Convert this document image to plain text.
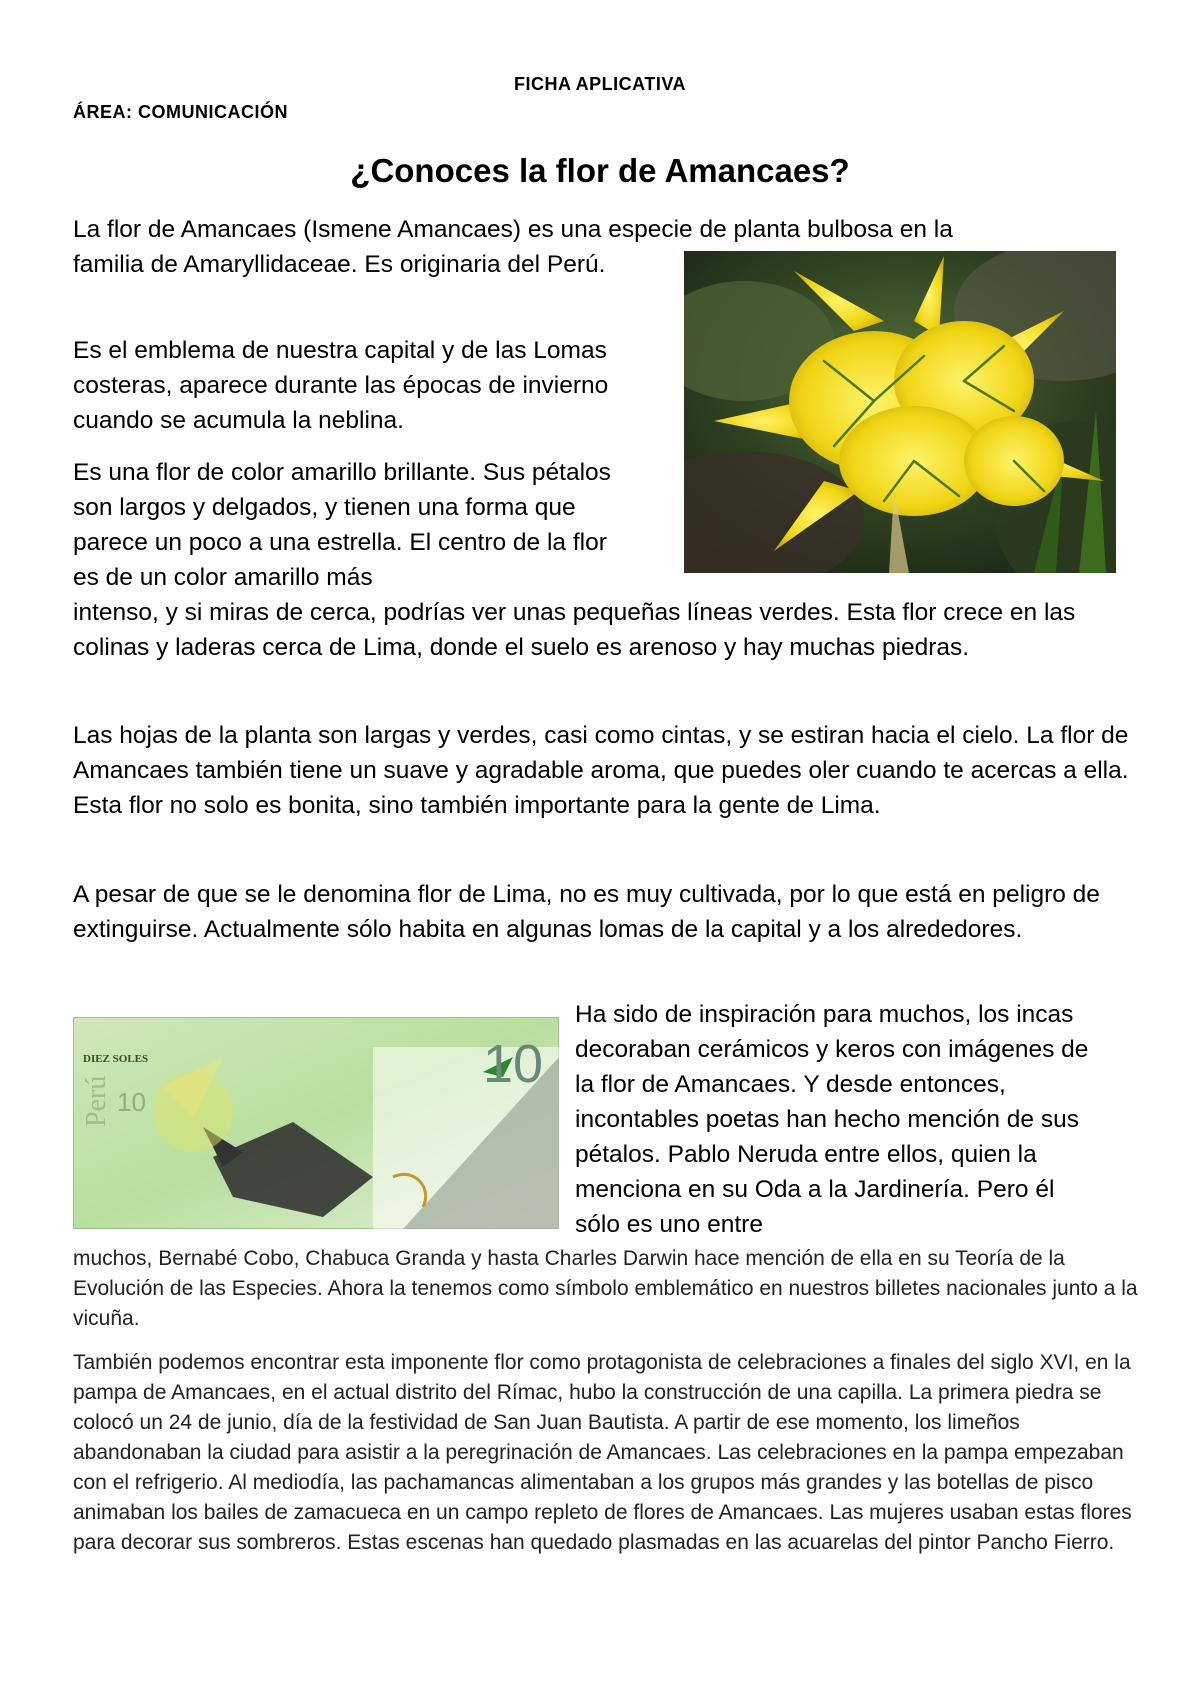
FICHA APLICATIVA
ÁREA: COMUNICACIÓN
¿Conoces la flor de Amancaes?
La flor de Amancaes (Ismene Amancaes) es una especie de planta bulbosa en la
familia de Amaryllidaceae. Es originaria del Perú.
Es el emblema de nuestra capital y de las Lomas costeras, aparece durante las épocas de invierno cuando se acumula la neblina.
Es una flor de color amarillo brillante. Sus pétalos son largos y delgados, y tienen una forma que parece un poco a una estrella. El centro de la flor es de un color amarillo más
intenso, y si miras de cerca, podrías ver unas pequeñas líneas verdes. Esta flor crece en las colinas y laderas cerca de Lima, donde el suelo es arenoso y hay muchas piedras.
Las hojas de la planta son largas y verdes, casi como cintas, y se estiran hacia el cielo. La flor de Amancaes también tiene un suave y agradable aroma, que puedes oler cuando te acercas a ella. Esta flor no solo es bonita, sino también importante para la gente de Lima.
A pesar de que se le denomina flor de Lima, no es muy cultivada, por lo que está en peligro de extinguirse. Actualmente sólo habita en algunas lomas de la capital y a los alrededores.
Ha sido de inspiración para muchos, los incas decoraban cerámicos y keros con imágenes de la flor de Amancaes. Y desde entonces, incontables poetas han hecho mención de sus pétalos. Pablo Neruda entre ellos, quien la menciona en su Oda a la Jardinería. Pero él sólo es uno entre
muchos, Bernabé Cobo, Chabuca Granda y hasta Charles Darwin hace mención de ella en su Teoría de la Evolución de las Especies. Ahora la tenemos como símbolo emblemático en nuestros billetes nacionales junto a la vicuña.
También podemos encontrar esta imponente flor como protagonista de celebraciones a finales del siglo XVI, en la pampa de Amancaes, en el actual distrito del Rímac, hubo la construcción de una capilla. La primera piedra se colocó un 24 de junio, día de la festividad de San Juan Bautista. A partir de ese momento, los limeños abandonaban la ciudad para asistir a la peregrinación de Amancaes. Las celebraciones en la pampa empezaban con el refrigerio. Al mediodía, las pachamancas alimentaban a los grupos más grandes y las botellas de pisco animaban los bailes de zamacueca en un campo repleto de flores de Amancaes. Las mujeres usaban estas flores para decorar sus sombreros. Estas escenas han quedado plasmadas en las acuarelas del pintor Pancho Fierro.
DIEZ SOLES	10
10
Perú
